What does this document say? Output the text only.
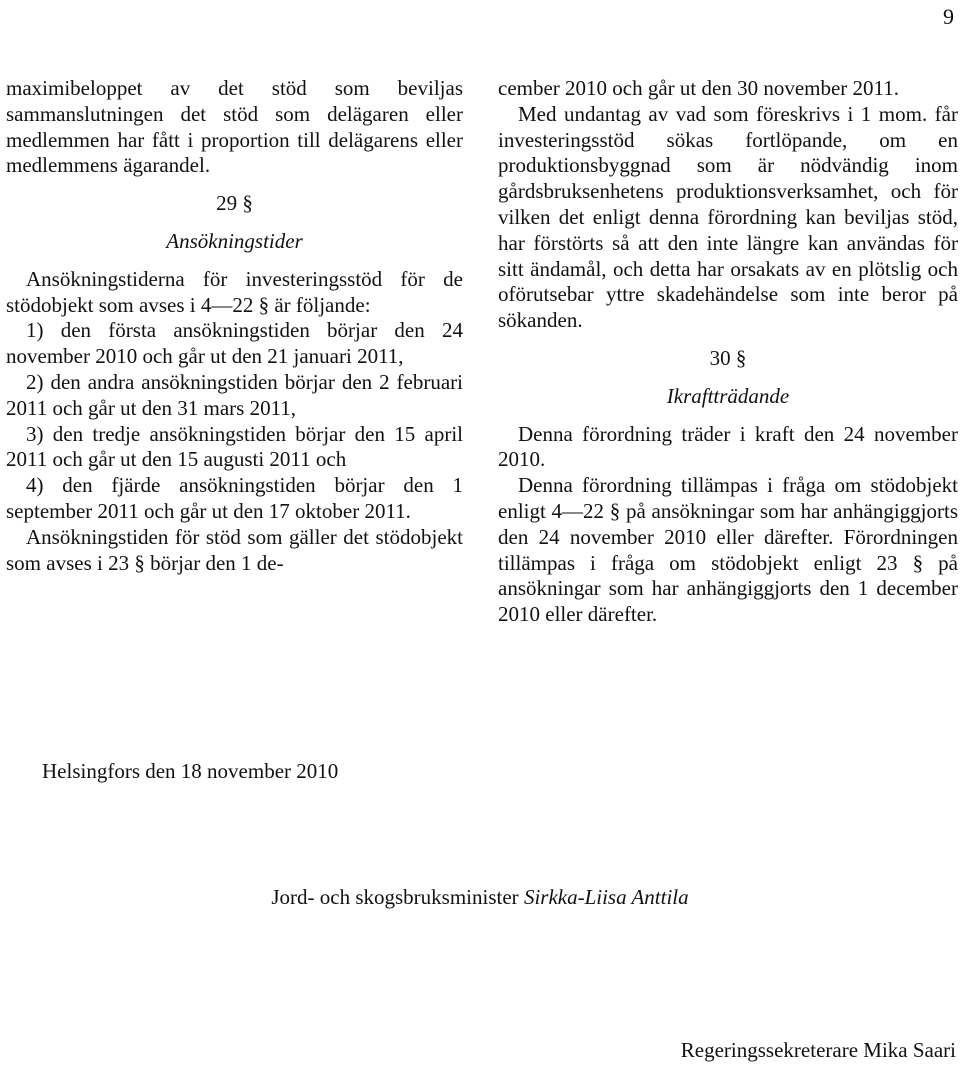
9

maximibeloppet av det stöd som beviljas sammanslutningen det stöd som delägaren eller medlemmen har fått i proportion till delägarens eller medlemmens ägarandel.

29 §
Ansökningstider

Ansökningstiderna för investeringsstöd för de stödobjekt som avses i 4—22 § är följande:

1) den första ansökningstiden börjar den 24 november 2010 och går ut den 21 januari 2011,

2) den andra ansökningstiden börjar den 2 februari 2011 och går ut den 31 mars 2011,

3) den tredje ansökningstiden börjar den 15 april 2011 och går ut den 15 augusti 2011 och

4) den fjärde ansökningstiden börjar den 1 september 2011 och går ut den 17 oktober 2011.

Ansökningstiden för stöd som gäller det stödobjekt som avses i 23 § börjar den 1 de-

cember 2010 och går ut den 30 november 2011.

Med undantag av vad som föreskrivs i 1 mom. får investeringsstöd sökas fortlöpande, om en produktionsbyggnad som är nödvändig inom gårdsbruksenhetens produktionsverksamhet, och för vilken det enligt denna förordning kan beviljas stöd, har förstörts så att den inte längre kan användas för sitt ändamål, och detta har orsakats av en plötslig och oförutsebar yttre skadehändelse som inte beror på sökanden.

30 §
Ikraftträdande

Denna förordning träder i kraft den 24 november 2010.

Denna förordning tillämpas i fråga om stödobjekt enligt 4—22 § på ansökningar som har anhängiggjorts den 24 november 2010 eller därefter. Förordningen tillämpas i fråga om stödobjekt enligt 23 § på ansökningar som har anhängiggjorts den 1 december 2010 eller därefter.

Helsingfors den 18 november 2010
Jord- och skogsbruksminister Sirkka-Liisa Anttila
Regeringssekreterare Mika Saari
